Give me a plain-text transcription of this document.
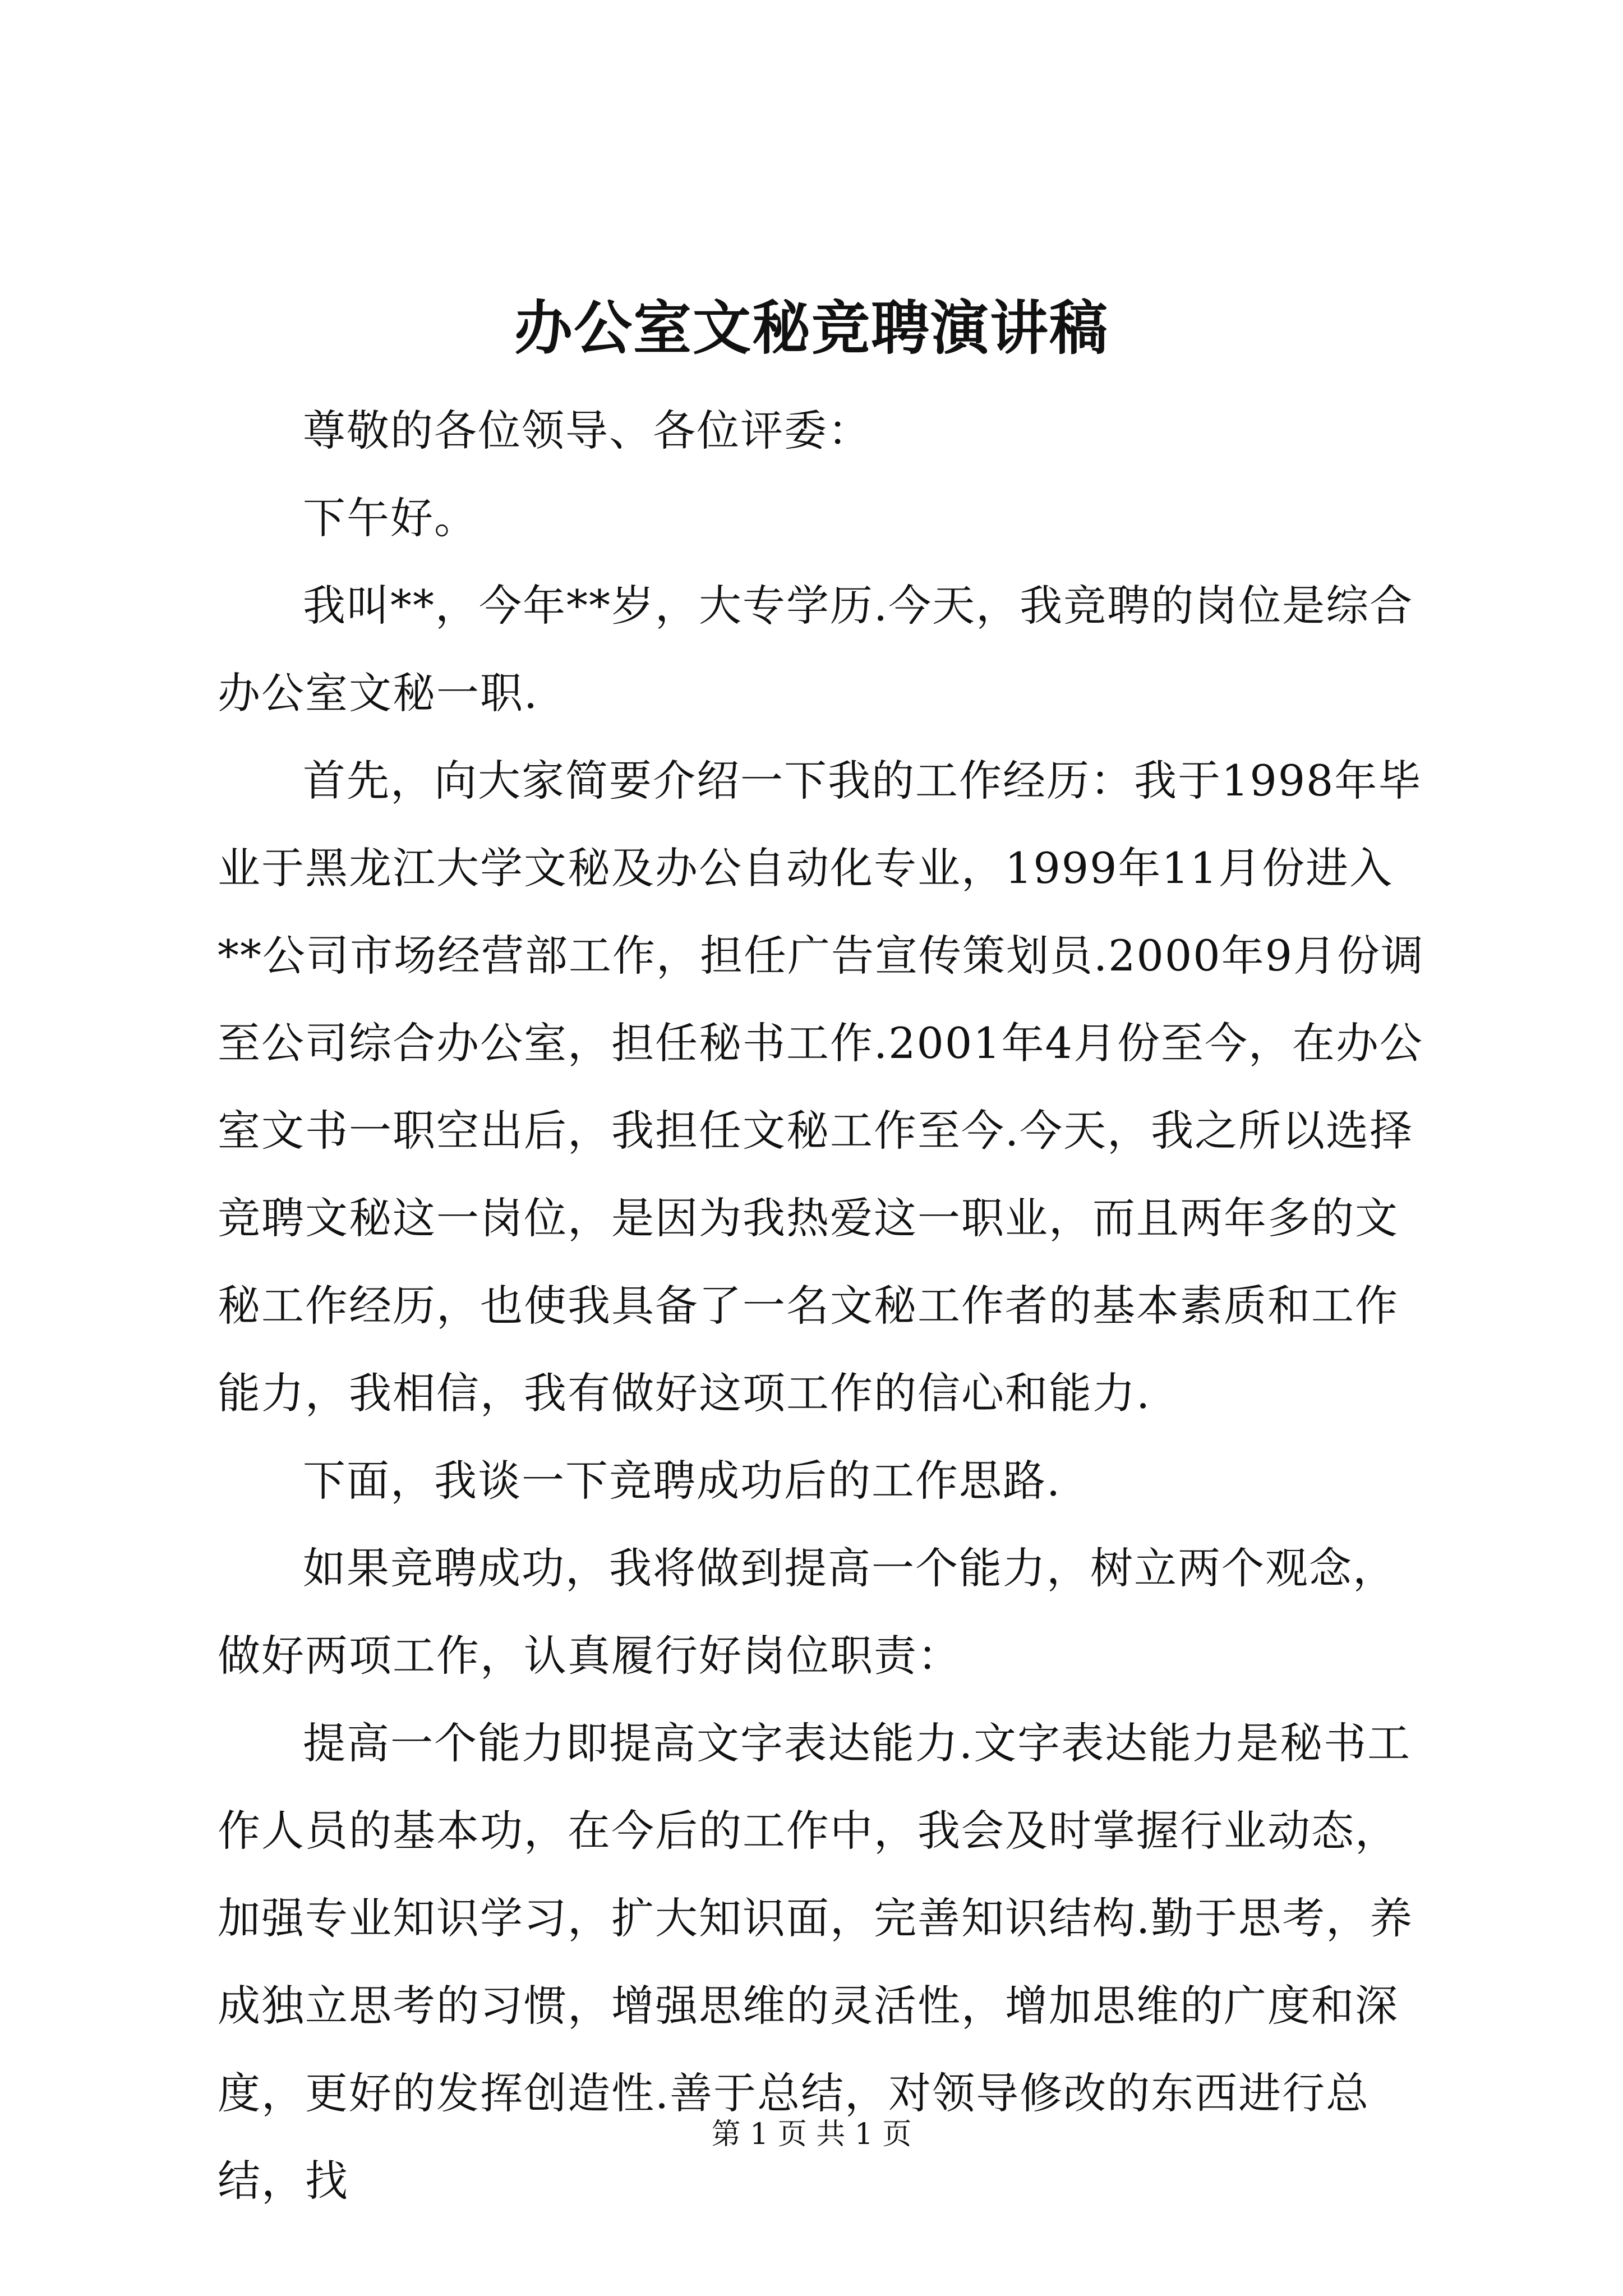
办公室文秘竞聘演讲稿

尊敬的各位领导、各位评委：

下午好。

我叫**，今年**岁，大专学历.今天，我竞聘的岗位是综合办公室文秘一职.

首先，向大家简要介绍一下我的工作经历：我于1998年毕业于黑龙江大学文秘及办公自动化专业，1999年11月份进入**公司市场经营部工作，担任广告宣传策划员.2000年9月份调至公司综合办公室，担任秘书工作.2001年4月份至今，在办公室文书一职空出后，我担任文秘工作至今.今天，我之所以选择竞聘文秘这一岗位，是因为我热爱这一职业，而且两年多的文秘工作经历，也使我具备了一名文秘工作者的基本素质和工作能力，我相信，我有做好这项工作的信心和能力.

下面，我谈一下竞聘成功后的工作思路.

如果竞聘成功，我将做到提高一个能力，树立两个观念，做好两项工作，认真履行好岗位职责：

提高一个能力即提高文字表达能力.文字表达能力是秘书工作人员的基本功，在今后的工作中，我会及时掌握行业动态，加强专业知识学习，扩大知识面，完善知识结构.勤于思考，养成独立思考的习惯，增强思维的灵活性，增加思维的广度和深度，更好的发挥创造性.善于总结，对领导修改的东西进行总结，找

第 1 页 共 1 页
